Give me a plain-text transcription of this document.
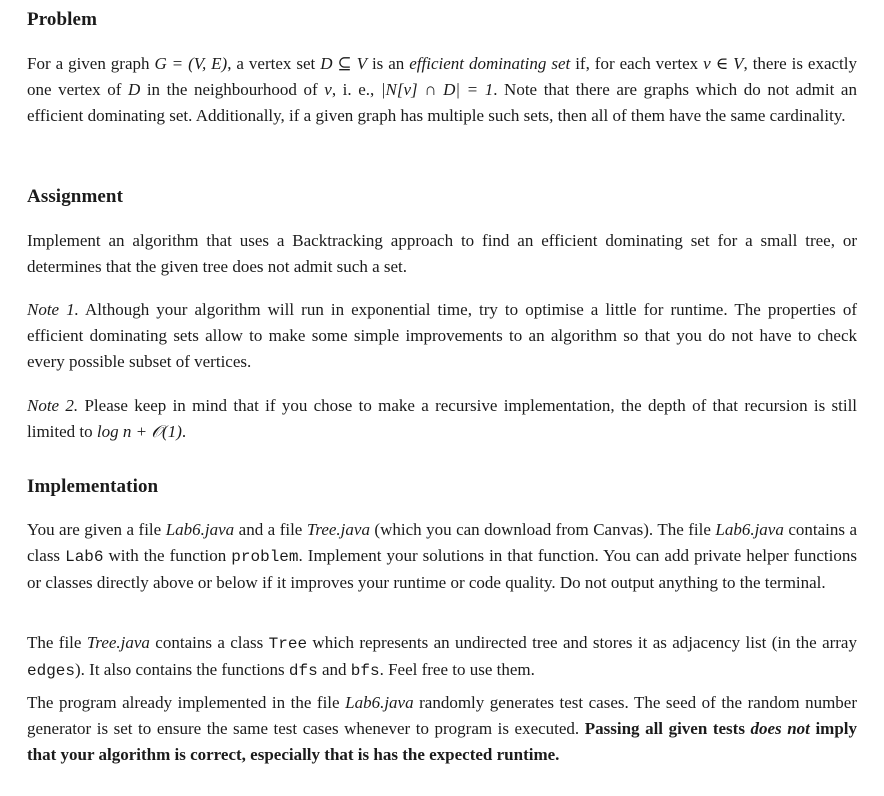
Problem

For a given graph G = (V, E), a vertex set D ⊆ V is an efficient dominating set if, for each vertex v ∈ V, there is exactly one vertex of D in the neighbourhood of v, i. e., |N[v] ∩ D| = 1. Note that there are graphs which do not admit an efficient dominating set. Additionally, if a given graph has multiple such sets, then all of them have the same cardinality.

Assignment

Implement an algorithm that uses a Backtracking approach to find an efficient dominating set for a small tree, or determines that the given tree does not admit such a set.

Note 1. Although your algorithm will run in exponential time, try to optimise a little for runtime. The properties of efficient dominating sets allow to make some simple improvements to an algorithm so that you do not have to check every possible subset of vertices.

Note 2. Please keep in mind that if you chose to make a recursive implementation, the depth of that recursion is still limited to log n + 𝒪(1).

Implementation

You are given a file Lab6.java and a file Tree.java (which you can download from Canvas). The file Lab6.java contains a class Lab6 with the function problem. Implement your solutions in that function. You can add private helper functions or classes directly above or below if it improves your runtime or code quality. Do not output anything to the terminal.

The file Tree.java contains a class Tree which represents an undirected tree and stores it as adjacency list (in the array edges). It also contains the functions dfs and bfs. Feel free to use them.

The program already implemented in the file Lab6.java randomly generates test cases. The seed of the random number generator is set to ensure the same test cases whenever to program is executed. Passing all given tests does not imply that your algorithm is correct, especially that is has the expected runtime.
